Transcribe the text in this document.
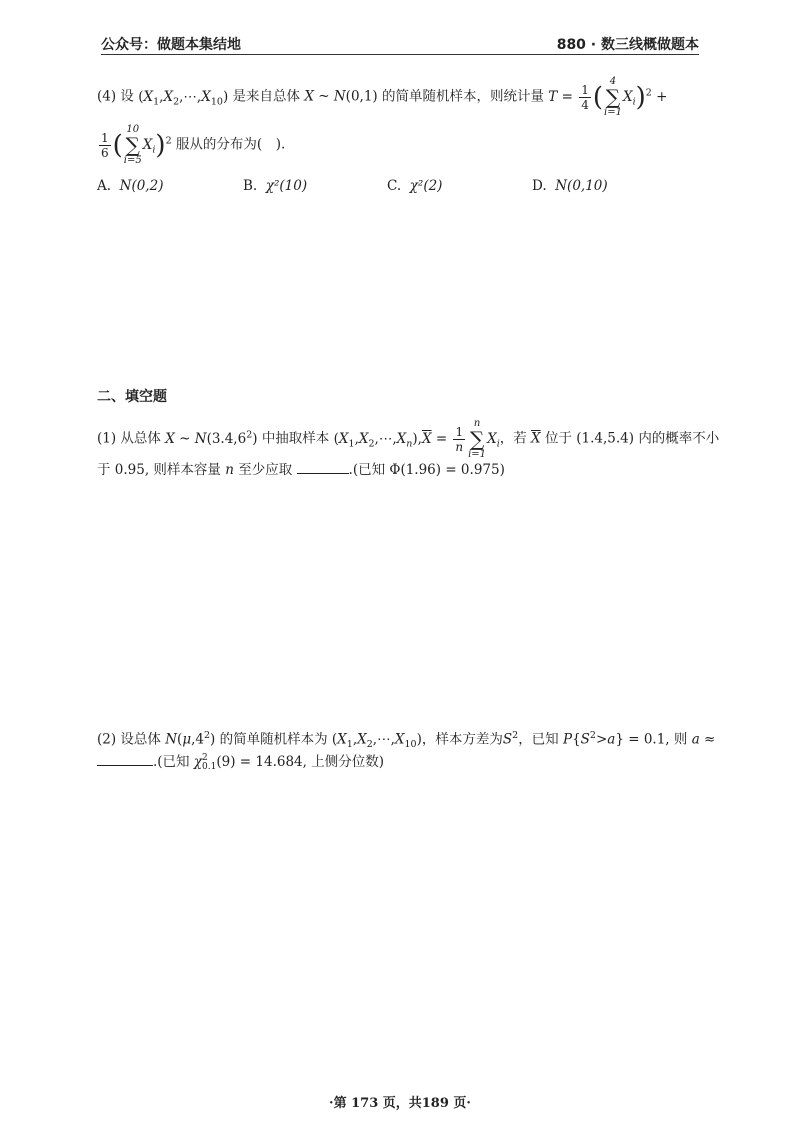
公众号：做题本集结地	880 · 数三线概做题本
(4) 设 $(X_1,X_2,\cdots,X_{10})$ 是来自总体 X ~ N(0,1) 的简单随机样本，则统计量 $T = \frac{1}{4}$ (
4
∑
i=1
$X_i)^2$ +
$\frac{1}{6}$ (
10
∑
i=5
$X_i)^2$ 服从的分布为(　).
A. N(0,2)	B. χ²(10)	C. χ²(2)	D. N(0,10)
二、填空题
(1) 从总体 X ~ N(3.4,6$^2$) 中抽取样本 $(X_1,X_2,\cdots,X_n),\overline{X} = \frac{1}{n}$
n
∑
i=1
$X_i$，若 $\overline{X}$ 位于 (1.4,5.4) 内的概率不小
于 0.95, 则样本容量 n 至少应取	.(已知 Φ(1.96) = 0.975)
(2) 设总体 $N(\mu,4^2)$ 的简单随机样本为 $(X_1,X_2,\cdots,X_{10})$，样本方差为$S^2$，已知 $P\{S^2>a\} = 0.1$, 则 a ≈
.(已知 χ 2
0.1 (9) = 14.684, 上侧分位数)
·第 173 页，共189 页·
